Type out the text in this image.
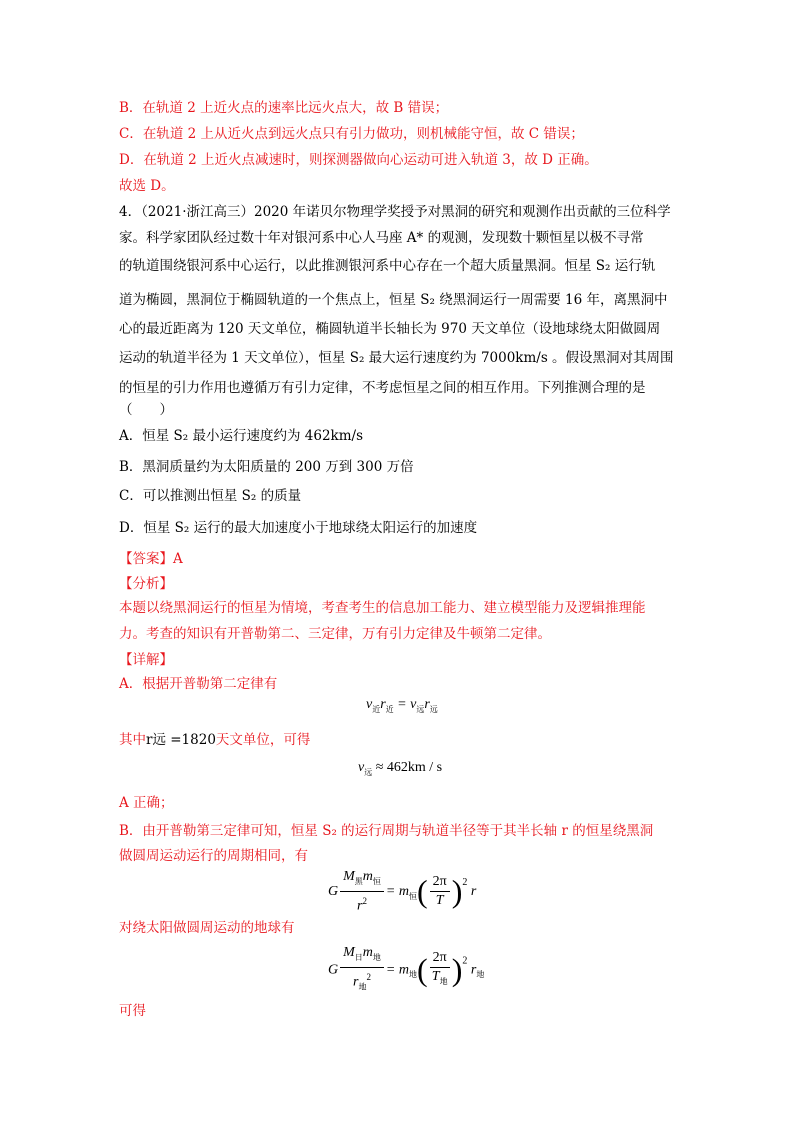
B．在轨道 2 上近火点的速率比远火点大，故 B 错误；
C．在轨道 2 上从近火点到远火点只有引力做功，则机械能守恒，故 C 错误；
D．在轨道 2 上近火点减速时，则探测器做向心运动可进入轨道 3，故 D 正确。
故选 D。
4．（2021·浙江高三）2020 年诺贝尔物理学奖授予对黑洞的研究和观测作出贡献的三位科学
家。科学家团队经过数十年对银河系中心人马座 A* 的观测，发现数十颗恒星以极不寻常
的轨道围绕银河系中心运行，以此推测银河系中心存在一个超大质量黑洞。恒星 S₂ 运行轨
道为椭圆，黑洞位于椭圆轨道的一个焦点上，恒星 S₂ 绕黑洞运行一周需要 16 年，离黑洞中
心的最近距离为 120 天文单位，椭圆轨道半长轴长为 970 天文单位（设地球绕太阳做圆周
运动的轨道半径为 1 天文单位），恒星 S₂ 最大运行速度约为 7000km/s 。假设黑洞对其周围
的恒星的引力作用也遵循万有引力定律，不考虑恒星之间的相互作用。下列推测合理的是
（　　）
A．恒星 S₂ 最小运行速度约为 462km/s
B．黑洞质量约为太阳质量的 200 万到 300 万倍
C．可以推测出恒星 S₂ 的质量
D．恒星 S₂ 运行的最大加速度小于地球绕太阳运行的加速度
【答案】A
【分析】
本题以绕黑洞运行的恒星为情境，考查考生的信息加工能力、建立模型能力及逻辑推理能
力。考查的知识有开普勒第二、三定律，万有引力定律及牛顿第二定律。
【详解】
A．根据开普勒第二定律有
$v_近r_近 = v_远r_远$
其中r远 =1820天文单位，可得
$v_远 \approx 462km / s$
A 正确；
B．由开普勒第三定律可知，恒星 S₂ 的运行周期与轨道半径等于其半长轴 r 的恒星绕黑洞
做圆周运动运行的周期相同，有
G $\frac{M_黑m_恒}{r^2} = m_恒( \frac{2\pi}{T} )^2$ r
对绕太阳做圆周运动的地球有
G $\frac{M_日m_地}{r_地^2} = m_地( \frac{2\pi}{T_地} )^2$ $r_地$
可得
